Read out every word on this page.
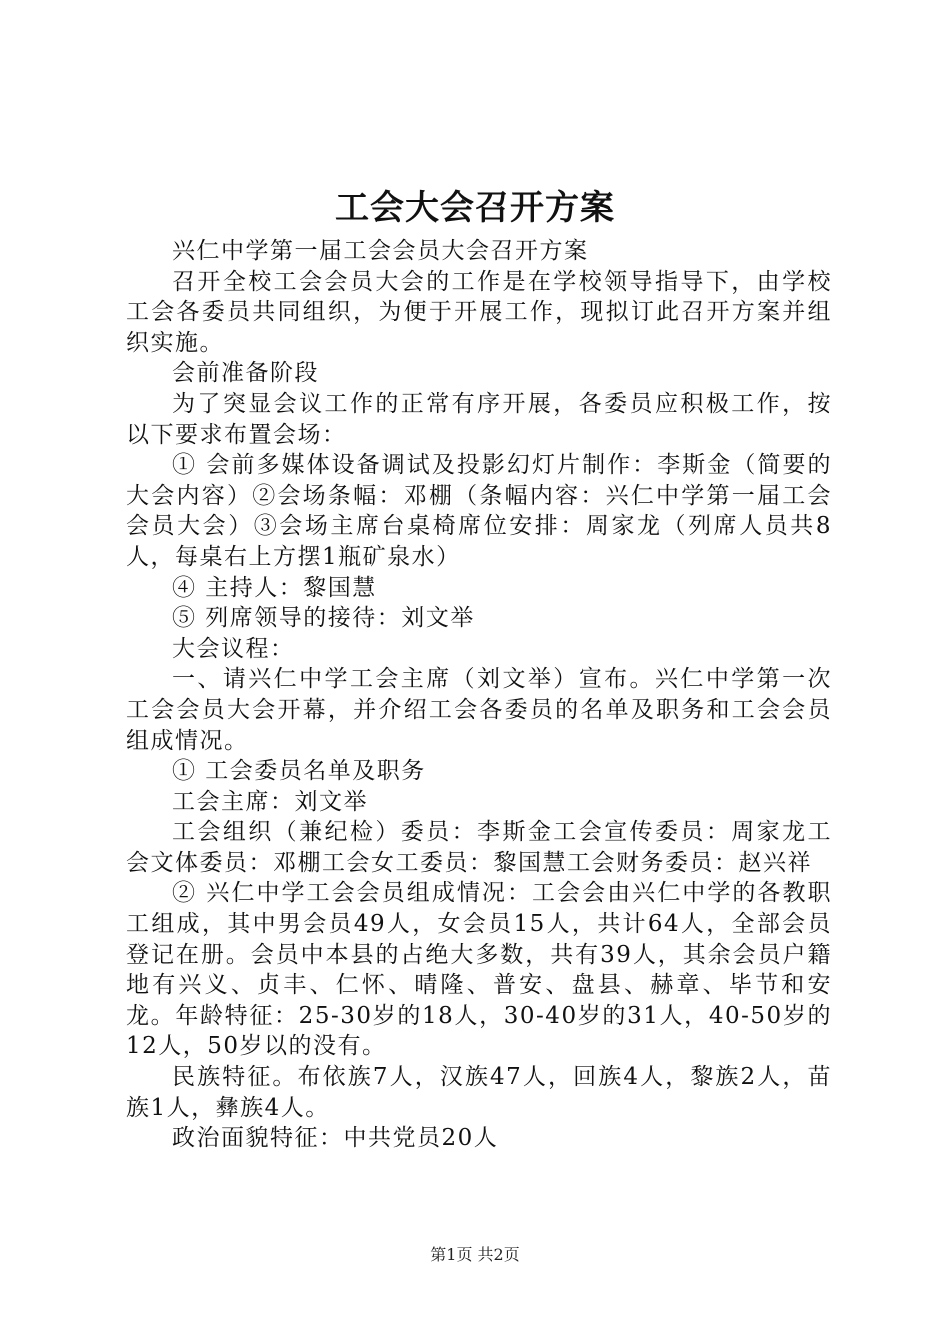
工会大会召开方案

兴仁中学第一届工会会员大会召开方案

召开全校工会会员大会的工作是在学校领导指导下，由学校工会各委员共同组织，为便于开展工作，现拟订此召开方案并组织实施。

会前准备阶段

为了突显会议工作的正常有序开展，各委员应积极工作，按以下要求布置会场：

① 会前多媒体设备调试及投影幻灯片制作：李斯金（简要的大会内容）②会场条幅：邓棚（条幅内容：兴仁中学第一届工会会员大会）③会场主席台桌椅席位安排：周家龙（列席人员共8人，每桌右上方摆1瓶矿泉水）

④ 主持人：黎国慧

⑤ 列席领导的接待：刘文举

大会议程：

一、请兴仁中学工会主席（刘文举）宣布。兴仁中学第一次工会会员大会开幕，并介绍工会各委员的名单及职务和工会会员组成情况。

① 工会委员名单及职务

工会主席：刘文举

工会组织（兼纪检）委员：李斯金工会宣传委员：周家龙工会文体委员：邓棚工会女工委员：黎国慧工会财务委员：赵兴祥

② 兴仁中学工会会员组成情况：工会会由兴仁中学的各教职工组成，其中男会员49人，女会员15人，共计64人，全部会员登记在册。会员中本县的占绝大多数，共有39人，其余会员户籍地有兴义、贞丰、仁怀、晴隆、普安、盘县、赫章、毕节和安龙。年龄特征：25-30岁的18人，30-40岁的31人，40-50岁的12人，50岁以的没有。

民族特征。布依族7人，汉族47人，回族4人，黎族2人，苗族1人，彝族4人。

政治面貌特征：中共党员20人

第1页 共2页
